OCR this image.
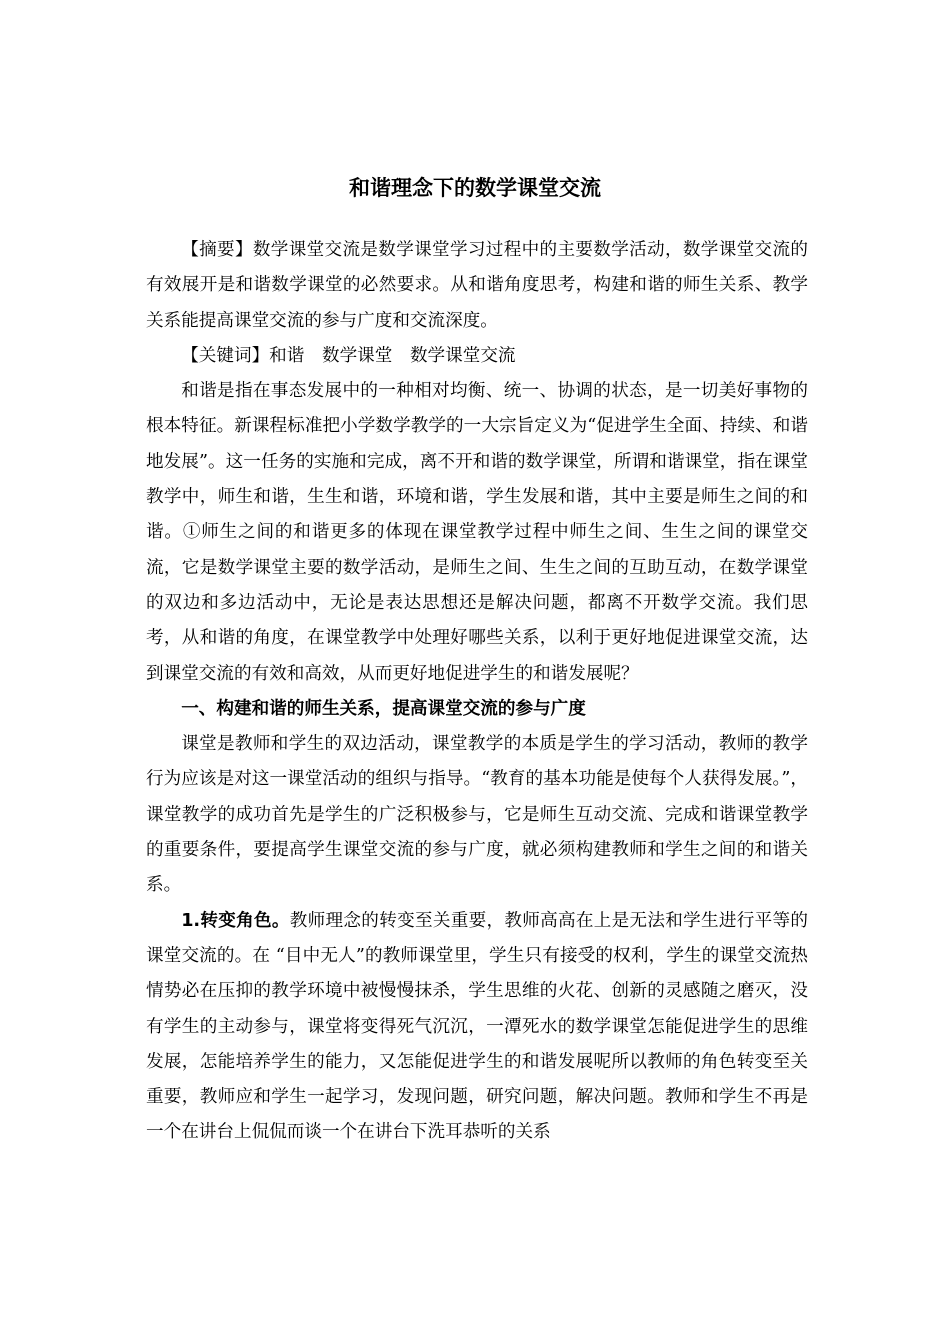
和谐理念下的数学课堂交流

【摘要】数学课堂交流是数学课堂学习过程中的主要数学活动，数学课堂交流的有效展开是和谐数学课堂的必然要求。从和谐角度思考，构建和谐的师生关系、教学关系能提高课堂交流的参与广度和交流深度。

【关键词】和谐 数学课堂 数学课堂交流

和谐是指在事态发展中的一种相对均衡、统一、协调的状态，是一切美好事物的根本特征。新课程标准把小学数学教学的一大宗旨定义为“促进学生全面、持续、和谐地发展”。这一任务的实施和完成，离不开和谐的数学课堂，所谓和谐课堂，指在课堂教学中，师生和谐，生生和谐，环境和谐，学生发展和谐，其中主要是师生之间的和谐。①师生之间的和谐更多的体现在课堂教学过程中师生之间、生生之间的课堂交流，它是数学课堂主要的数学活动，是师生之间、生生之间的互助互动，在数学课堂的双边和多边活动中，无论是表达思想还是解决问题，都离不开数学交流。我们思考，从和谐的角度，在课堂教学中处理好哪些关系，以利于更好地促进课堂交流，达到课堂交流的有效和高效，从而更好地促进学生的和谐发展呢？

一、构建和谐的师生关系，提高课堂交流的参与广度

课堂是教师和学生的双边活动，课堂教学的本质是学生的学习活动，教师的教学行为应该是对这一课堂活动的组织与指导。“教育的基本功能是使每个人获得发展。”，课堂教学的成功首先是学生的广泛积极参与，它是师生互动交流、完成和谐课堂教学的重要条件，要提高学生课堂交流的参与广度，就必须构建教师和学生之间的和谐关系。

1.转变角色。教师理念的转变至关重要，教师高高在上是无法和学生进行平等的课堂交流的。在 “目中无人”的教师课堂里，学生只有接受的权利，学生的课堂交流热情势必在压抑的教学环境中被慢慢抹杀，学生思维的火花、创新的灵感随之磨灭，没有学生的主动参与，课堂将变得死气沉沉，一潭死水的数学课堂怎能促进学生的思维发展，怎能培养学生的能力，又怎能促进学生的和谐发展呢所以教师的角色转变至关重要，教师应和学生一起学习，发现问题，研究问题，解决问题。教师和学生不再是一个在讲台上侃侃而谈一个在讲台下洗耳恭听的关系
